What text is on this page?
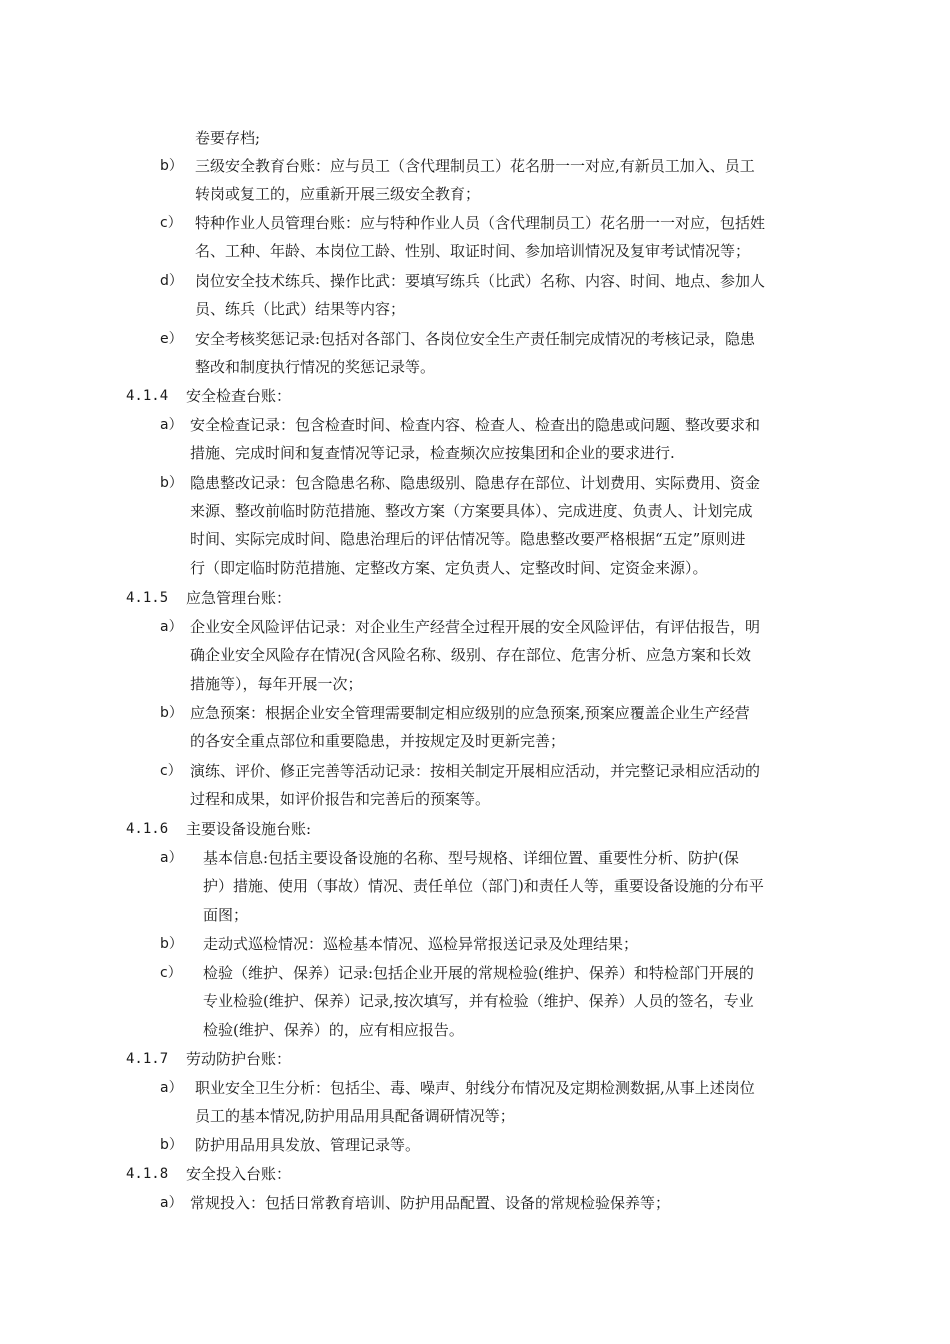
卷要存档;
b） 三级安全教育台账：应与员工（含代理制员工）花名册一一对应,有新员工加入、员工
转岗或复工的，应重新开展三级安全教育；
c） 特种作业人员管理台账：应与特种作业人员（含代理制员工）花名册一一对应，包括姓
名、工种、年龄、本岗位工龄、性别、取证时间、参加培训情况及复审考试情况等；
d） 岗位安全技术练兵、操作比武：要填写练兵（比武）名称、内容、时间、地点、参加人
员、练兵（比武）结果等内容；
e） 安全考核奖惩记录:包括对各部门、各岗位安全生产责任制完成情况的考核记录，隐患
整改和制度执行情况的奖惩记录等。
4.1.4 安全检查台账：
a） 安全检查记录：包含检查时间、检查内容、检查人、检查出的隐患或问题、整改要求和
措施、完成时间和复查情况等记录，检查频次应按集团和企业的要求进行.
b） 隐患整改记录：包含隐患名称、隐患级别、隐患存在部位、计划费用、实际费用、资金
来源、整改前临时防范措施、整改方案（方案要具体）、完成进度、负责人、计划完成
时间、实际完成时间、隐患治理后的评估情况等。隐患整改要严格根据“五定”原则进
行（即定临时防范措施、定整改方案、定负责人、定整改时间、定资金来源）。
4.1.5 应急管理台账：
a） 企业安全风险评估记录：对企业生产经营全过程开展的安全风险评估，有评估报告，明
确企业安全风险存在情况(含风险名称、级别、存在部位、危害分析、应急方案和长效
措施等），每年开展一次；
b） 应急预案：根据企业安全管理需要制定相应级别的应急预案,预案应覆盖企业生产经营
的各安全重点部位和重要隐患，并按规定及时更新完善；
c） 演练、评价、修正完善等活动记录：按相关制定开展相应活动，并完整记录相应活动的
过程和成果，如评价报告和完善后的预案等。
4.1.6 主要设备设施台账:
a） 基本信息:包括主要设备设施的名称、型号规格、详细位置、重要性分析、防护(保
护）措施、使用（事故）情况、责任单位（部门)和责任人等，重要设备设施的分布平
面图；
b） 走动式巡检情况：巡检基本情况、巡检异常报送记录及处理结果；
c） 检验（维护、保养）记录:包括企业开展的常规检验(维护、保养）和特检部门开展的
专业检验(维护、保养）记录,按次填写，并有检验（维护、保养）人员的签名，专业
检验(维护、保养）的，应有相应报告。
4.1.7 劳动防护台账：
a） 职业安全卫生分析：包括尘、毒、噪声、射线分布情况及定期检测数据,从事上述岗位
员工的基本情况,防护用品用具配备调研情况等；
b） 防护用品用具发放、管理记录等。
4.1.8 安全投入台账：
a） 常规投入：包括日常教育培训、防护用品配置、设备的常规检验保养等；
